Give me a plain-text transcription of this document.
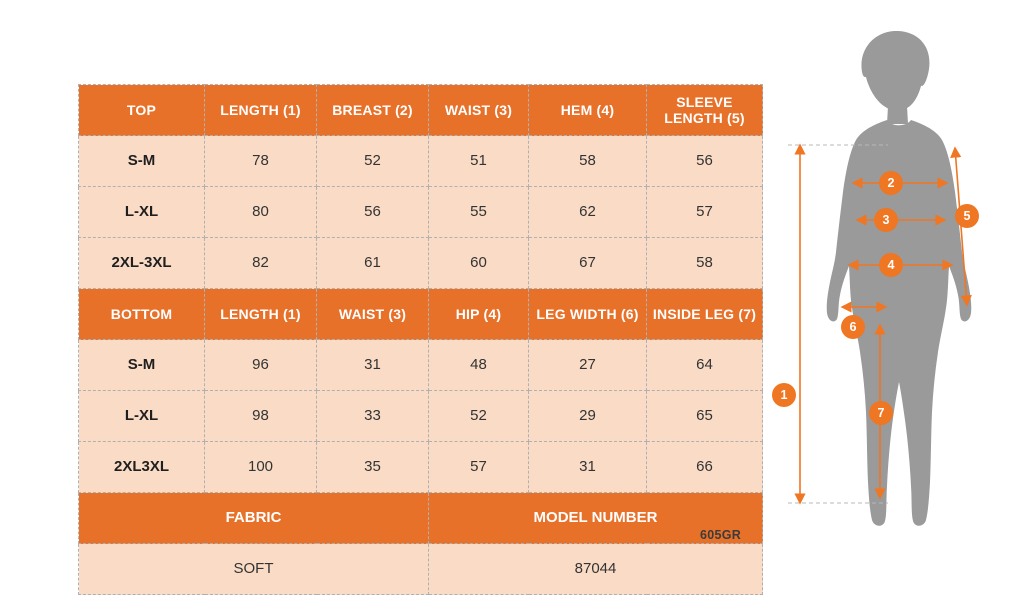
TOP	LENGTH (1)	BREAST (2)	WAIST (3)	HEM (4)	SLEEVE LENGTH (5)
S-M	78	52	51	58	56
L-XL	80	56	55	62	57
2XL-3XL	82	61	60	67	58
BOTTOM	LENGTH (1)	WAIST (3)	HIP (4)	LEG WIDTH (6)	INSIDE LEG (7)
S-M	96	31	48	27	64
L-XL	98	33	52	29	65
2XL3XL	100	35	57	31	66
FABRIC			MODEL NUMBER		
SOFT			87044		
605GR
1
2
3
4
5
6
7
